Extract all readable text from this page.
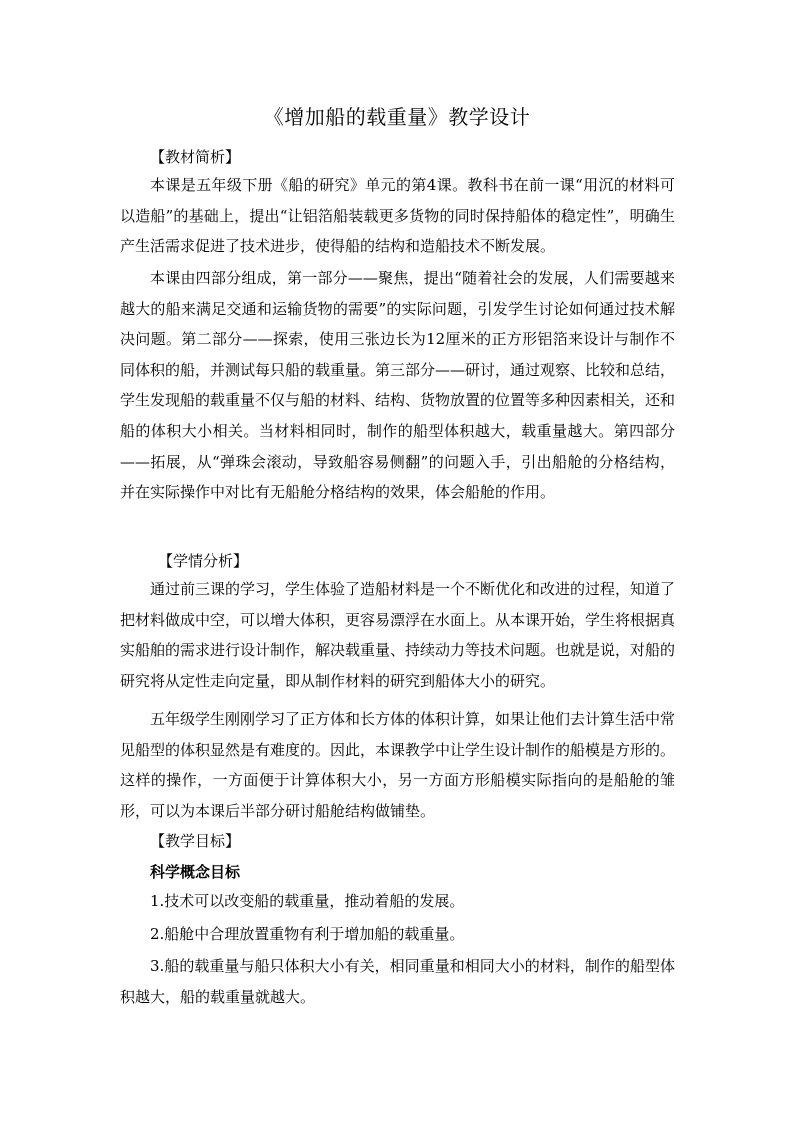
《增加船的载重量》教学设计
【教材简析】

本课是五年级下册《船的研究》单元的第4课。教科书在前一课“用沉的材料可以造船”的基础上，提出“让铝箔船装载更多货物的同时保持船体的稳定性”，明确生产生活需求促进了技术进步，使得船的结构和造船技术不断发展。

本课由四部分组成，第一部分——聚焦，提出“随着社会的发展，人们需要越来越大的船来满足交通和运输货物的需要”的实际问题，引发学生讨论如何通过技术解决问题。第二部分——探索，使用三张边长为12厘米的正方形铝箔来设计与制作不同体积的船，并测试每只船的载重量。第三部分——研讨，通过观察、比较和总结，学生发现船的载重量不仅与船的材料、结构、货物放置的位置等多种因素相关，还和船的体积大小相关。当材料相同时，制作的船型体积越大，载重量越大。第四部分——拓展，从“弹珠会滚动，导致船容易侧翻”的问题入手，引出船舱的分格结构，并在实际操作中对比有无船舱分格结构的效果，体会船舱的作用。

【学情分析】

通过前三课的学习，学生体验了造船材料是一个不断优化和改进的过程，知道了把材料做成中空，可以增大体积，更容易漂浮在水面上。从本课开始，学生将根据真实船舶的需求进行设计制作，解决载重量、持续动力等技术问题。也就是说，对船的研究将从定性走向定量，即从制作材料的研究到船体大小的研究。

五年级学生刚刚学习了正方体和长方体的体积计算，如果让他们去计算生活中常见船型的体积显然是有难度的。因此，本课教学中让学生设计制作的船模是方形的。这样的操作，一方面便于计算体积大小，另一方面方形船模实际指向的是船舱的雏形，可以为本课后半部分研讨船舱结构做铺垫。

【教学目标】
科学概念目标

1.技术可以改变船的载重量，推动着船的发展。

2.船舱中合理放置重物有利于增加船的载重量。

3.船的载重量与船只体积大小有关，相同重量和相同大小的材料，制作的船型体积越大，船的载重量就越大。
